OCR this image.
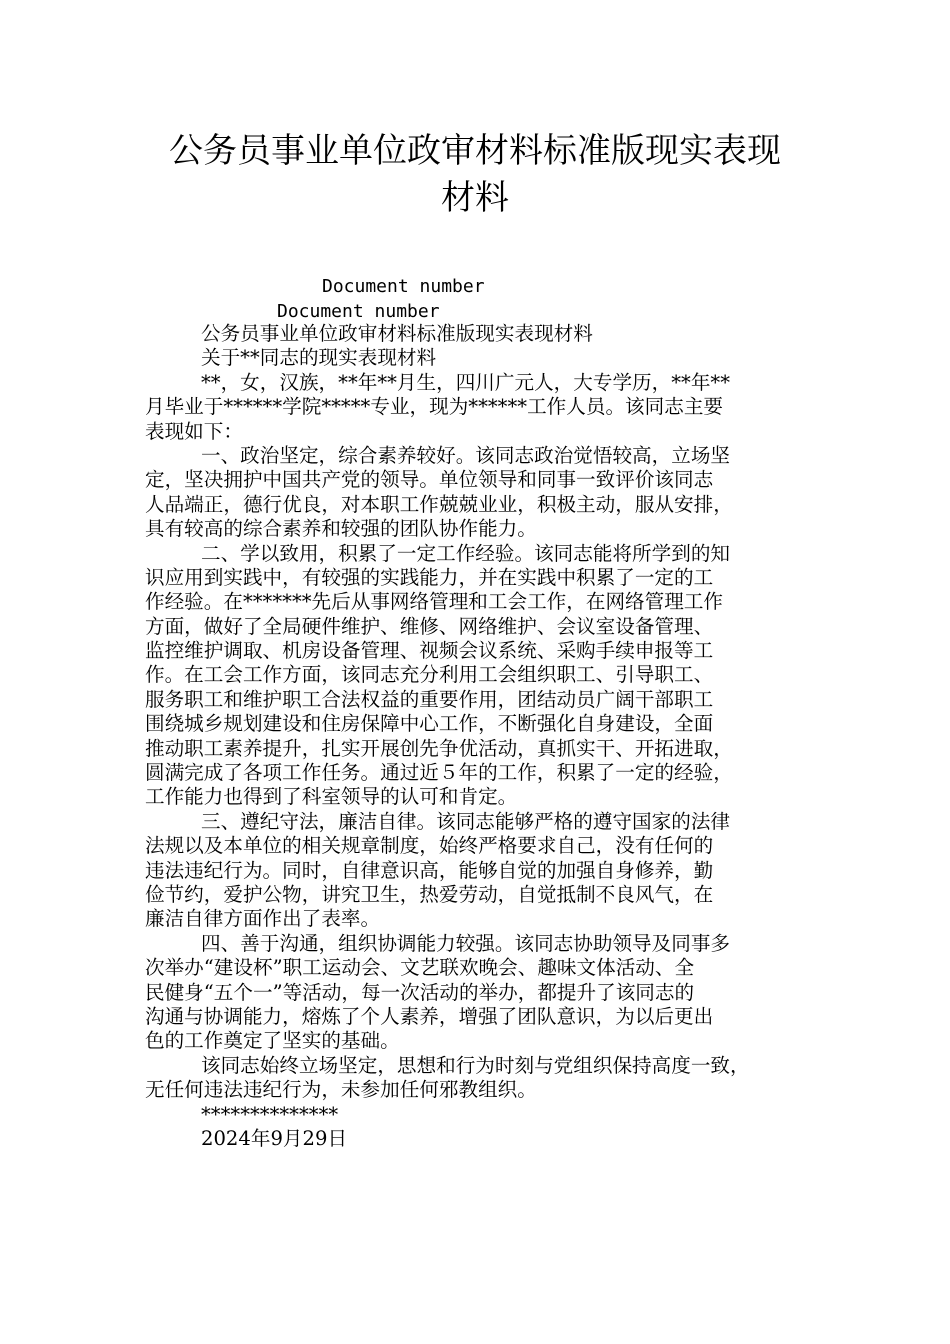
公务员事业单位政审材料标准版现实表现
材料
Document number
Document number
公务员事业单位政审材料标准版现实表现材料
关于**同志的现实表现材料
**，女，汉族，**年**月生，四川广元人，大专学历，**年**
月毕业于******学院*****专业，现为******工作人员。该同志主要
表现如下：
一、政治坚定，综合素养较好。该同志政治觉悟较高，立场坚
定，坚决拥护中国共产党的领导。单位领导和同事一致评价该同志
人品端正，德行优良，对本职工作兢兢业业，积极主动，服从安排，
具有较高的综合素养和较强的团队协作能力。
二、学以致用，积累了一定工作经验。该同志能将所学到的知
识应用到实践中，有较强的实践能力，并在实践中积累了一定的工
作经验。在*******先后从事网络管理和工会工作，在网络管理工作
方面，做好了全局硬件维护、维修、网络维护、会议室设备管理、
监控维护调取、机房设备管理、视频会议系统、采购手续申报等工
作。在工会工作方面，该同志充分利用工会组织职工、引导职工、
服务职工和维护职工合法权益的重要作用，团结动员广阔干部职工
围绕城乡规划建设和住房保障中心工作，不断强化自身建设，全面
推动职工素养提升，扎实开展创先争优活动，真抓实干、开拓进取，
圆满完成了各项工作任务。通过近５年的工作，积累了一定的经验，
工作能力也得到了科室领导的认可和肯定。
三、遵纪守法，廉洁自律。该同志能够严格的遵守国家的法律
法规以及本单位的相关规章制度，始终严格要求自己，没有任何的
违法违纪行为。同时，自律意识高，能够自觉的加强自身修养，勤
俭节约，爱护公物，讲究卫生，热爱劳动，自觉抵制不良风气，在
廉洁自律方面作出了表率。
四、善于沟通，组织协调能力较强。该同志协助领导及同事多
次举办“建设杯”职工运动会、文艺联欢晚会、趣味文体活动、全
民健身“五个一”等活动，每一次活动的举办，都提升了该同志的
沟通与协调能力，熔炼了个人素养，增强了团队意识，为以后更出
色的工作奠定了坚实的基础。
该同志始终立场坚定，思想和行为时刻与党组织保持高度一致，
无任何违法违纪行为，未参加任何邪教组织。
**************
2024年9月29日
